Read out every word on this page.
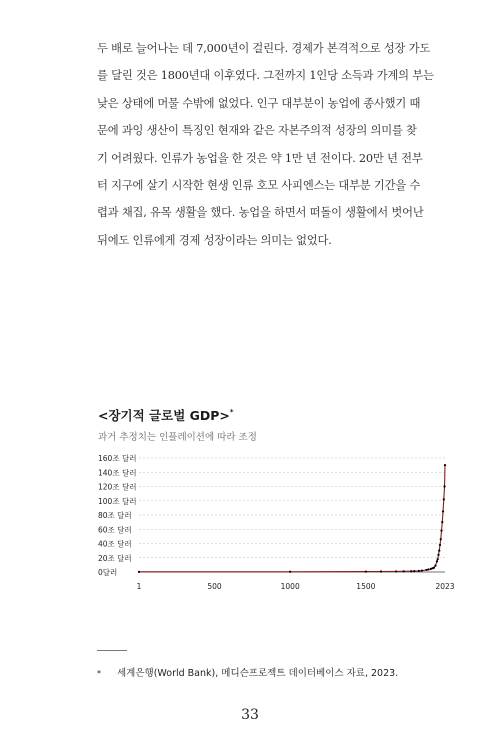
두 배로 늘어나는 데 7,000년이 걸린다. 경제가 본격적으로 성장 가도
를 달린 것은 1800년대 이후였다. 그전까지 1인당 소득과 가계의 부는
낮은 상태에 머물 수밖에 없었다. 인구 대부분이 농업에 종사했기 때
문에 과잉 생산이 특징인 현재와 같은 자본주의적 성장의 의미를 찾
기 어려웠다. 인류가 농업을 한 것은 약 1만 년 전이다. 20만 년 전부
터 지구에 살기 시작한 현생 인류 호모 사피엔스는 대부분 기간을 수
렵과 채집, 유목 생활을 했다. 농업을 하면서 떠돌이 생활에서 벗어난
뒤에도 인류에게 경제 성장이라는 의미는 없었다.
<장기적 글로벌 GDP>*
과거 추정치는 인플레이션에 따라 조정
0달러
20조 달러
40조 달러
60조 달러
80조 달러
100조 달러
120조 달러
140조 달러
160조 달러
1	500	1000	1500	2023
* 세계은행(World Bank), 메디슨프로젝트 데이터베이스 자료, 2023.
33
